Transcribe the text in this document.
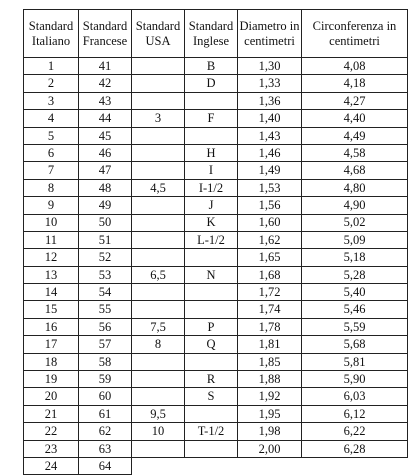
Standard Italiano	Standard Francese	Standard USA	Standard Inglese	Diametro in centimetri	Circonferenza in centimetri
1	41		B	1,30	4,08
2	42		D	1,33	4,18
3	43			1,36	4,27
4	44	3	F	1,40	4,40
5	45			1,43	4,49
6	46		H	1,46	4,58
7	47		I	1,49	4,68
8	48	4,5	I-1/2	1,53	4,80
9	49		J	1,56	4,90
10	50		K	1,60	5,02
11	51		L-1/2	1,62	5,09
12	52			1,65	5,18
13	53	6,5	N	1,68	5,28
14	54			1,72	5,40
15	55			1,74	5,46
16	56	7,5	P	1,78	5,59
17	57	8	Q	1,81	5,68
18	58			1,85	5,81
19	59		R	1,88	5,90
20	60		S	1,92	6,03
21	61	9,5		1,95	6,12
22	62	10	T-1/2	1,98	6,22
23	63			2,00	6,28
24	64				
